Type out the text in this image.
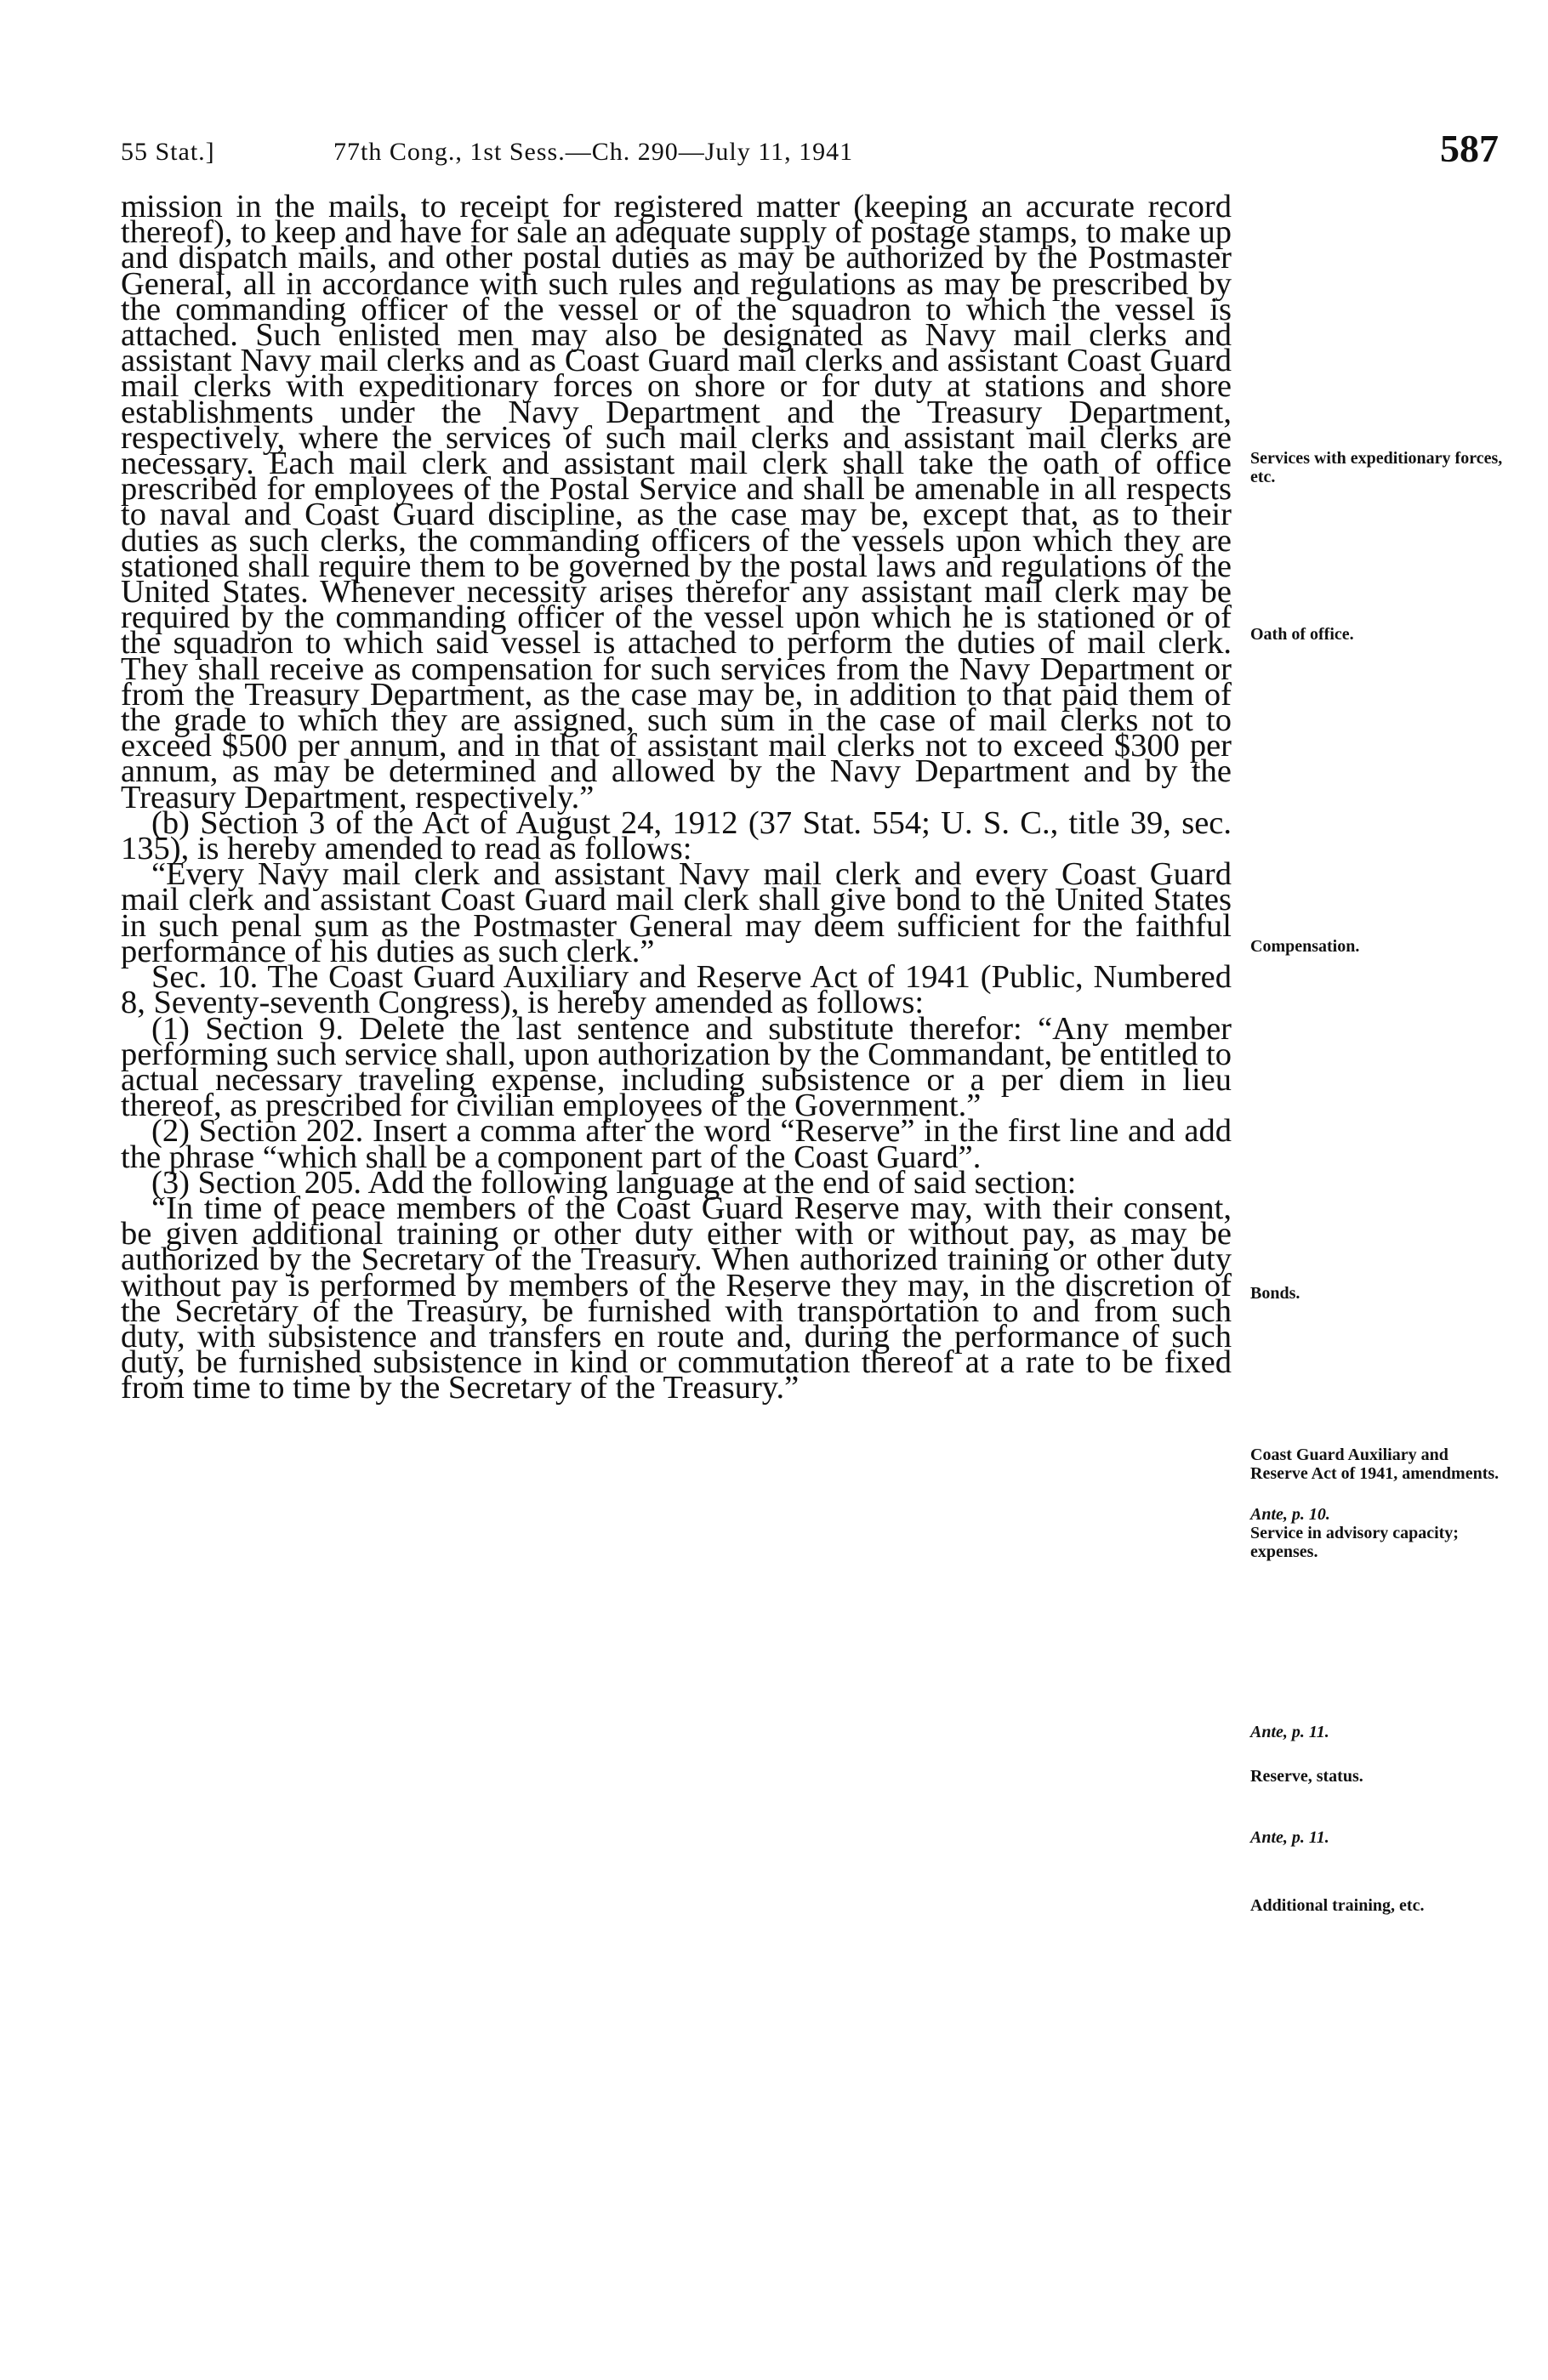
55 Stat.]	77th Cong., 1st Sess.—Ch. 290—July 11, 1941	587

mission in the mails, to receipt for registered matter (keeping an accurate record thereof), to keep and have for sale an adequate supply of postage stamps, to make up and dispatch mails, and other postal duties as may be authorized by the Postmaster General, all in accordance with such rules and regulations as may be prescribed by the commanding officer of the vessel or of the squadron to which the vessel is attached. Such enlisted men may also be designated as Navy mail clerks and assistant Navy mail clerks and as Coast Guard mail clerks and assistant Coast Guard mail clerks with expeditionary forces on shore or for duty at stations and shore establishments under the Navy Department and the Treasury Department, respectively, where the services of such mail clerks and assistant mail clerks are necessary. Each mail clerk and assistant mail clerk shall take the oath of office prescribed for employees of the Postal Service and shall be amenable in all respects to naval and Coast Guard discipline, as the case may be, except that, as to their duties as such clerks, the commanding officers of the vessels upon which they are stationed shall require them to be governed by the postal laws and regulations of the United States. Whenever necessity arises therefor any assistant mail clerk may be required by the commanding officer of the vessel upon which he is stationed or of the squadron to which said vessel is attached to perform the duties of mail clerk. They shall receive as compensation for such services from the Navy Department or from the Treasury Department, as the case may be, in addition to that paid them of the grade to which they are assigned, such sum in the case of mail clerks not to exceed $500 per annum, and in that of assistant mail clerks not to exceed $300 per annum, as may be determined and allowed by the Navy Department and by the Treasury Department, respectively.”

(b) Section 3 of the Act of August 24, 1912 (37 Stat. 554; U. S. C., title 39, sec. 135), is hereby amended to read as follows:

“Every Navy mail clerk and assistant Navy mail clerk and every Coast Guard mail clerk and assistant Coast Guard mail clerk shall give bond to the United States in such penal sum as the Postmaster General may deem sufficient for the faithful performance of his duties as such clerk.”

Sec. 10. The Coast Guard Auxiliary and Reserve Act of 1941 (Public, Numbered 8, Seventy-seventh Congress), is hereby amended as follows:

(1) Section 9. Delete the last sentence and substitute therefor: “Any member performing such service shall, upon authorization by the Commandant, be entitled to actual necessary traveling expense, including subsistence or a per diem in lieu thereof, as prescribed for civilian employees of the Government.”

(2) Section 202. Insert a comma after the word “Reserve” in the first line and add the phrase “which shall be a component part of the Coast Guard”.

(3) Section 205. Add the following language at the end of said section:

“In time of peace members of the Coast Guard Reserve may, with their consent, be given additional training or other duty either with or without pay, as may be authorized by the Secretary of the Treasury. When authorized training or other duty without pay is performed by members of the Reserve they may, in the discretion of the Secretary of the Treasury, be furnished with transportation to and from such duty, with subsistence and transfers en route and, during the performance of such duty, be furnished subsistence in kind or commutation thereof at a rate to be fixed from time to time by the Secretary of the Treasury.”

Services with expeditionary forces, etc.
Oath of office.
Compensation.
Bonds.
Coast Guard Auxiliary and Reserve Act of 1941, amendments.
Ante, p. 10.
Service in advisory capacity; expenses.
Ante, p. 11.
Reserve, status.
Ante, p. 11.
Additional training, etc.
